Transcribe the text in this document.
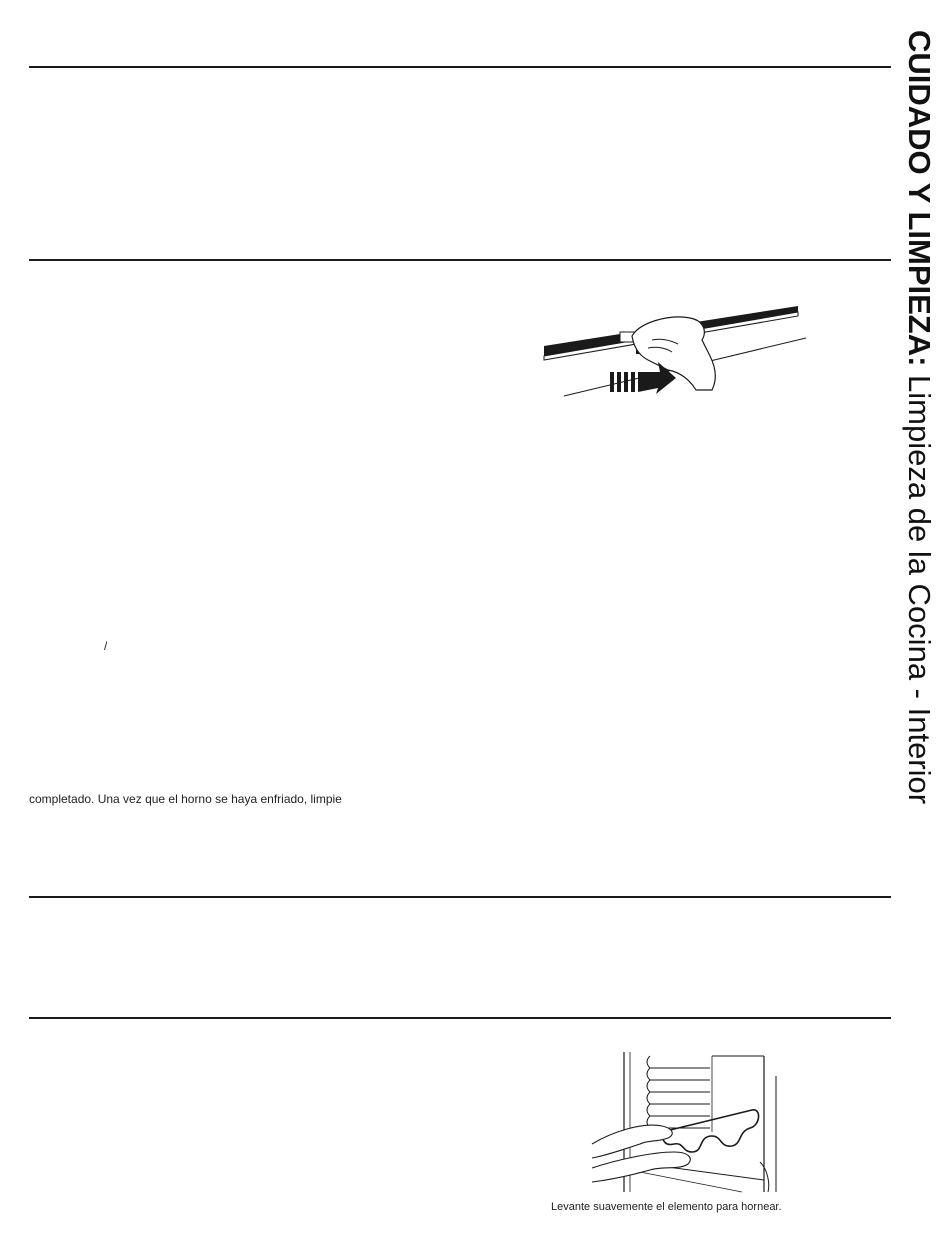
CUIDADO Y LIMPIEZA: Limpieza de la Cocina - Interior
/
completado. Una vez que el horno se haya enfriado, limpie
Levante suavemente el elemento para hornear.
